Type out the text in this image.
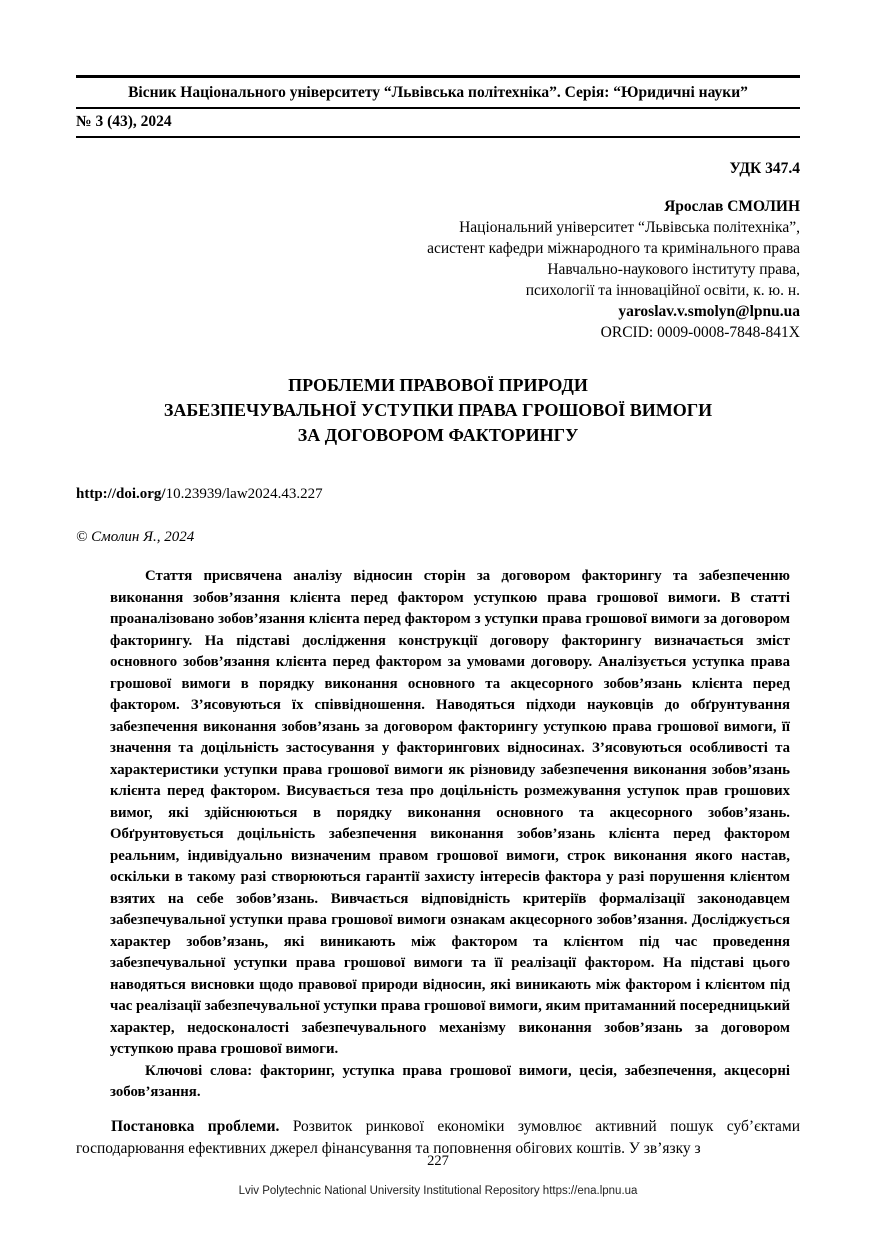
Вісник Національного університету “Львівська політехніка”. Серія: “Юридичні науки”
№ 3 (43), 2024
УДК 347.4
Ярослав СМОЛИН
Національний університет “Львівська політехніка”,
асистент кафедри міжнародного та кримінального права
Навчально-наукового інституту права,
психології та інноваційної освіти, к. ю. н.
yaroslav.v.smolyn@lpnu.ua
ORCID: 0009-0008-7848-841X
ПРОБЛЕМИ ПРАВОВОЇ ПРИРОДИ
ЗАБЕЗПЕЧУВАЛЬНОЇ УСТУПКИ ПРАВА ГРОШОВОЇ ВИМОГИ
ЗА ДОГОВОРОМ ФАКТОРИНГУ
http://doi.org/10.23939/law2024.43.227
© Смолин Я., 2024

Стаття присвячена аналізу відносин сторін за договором факторингу та забезпеченню виконання зобов’язання клієнта перед фактором уступкою права грошової вимоги. В статті проаналізовано зобов’язання клієнта перед фактором з уступки права грошової вимоги за договором факторингу. На підставі дослідження конструкції договору факторингу визначається зміст основного зобов’язання клієнта перед фактором за умовами договору. Аналізується уступка права грошової вимоги в порядку виконання основного та акцесорного зобов’язань клієнта перед фактором. З’ясовуються їх співвідношення. Наводяться підходи науковців до обґрунтування забезпечення виконання зобов’язань за договором факторингу уступкою права грошової вимоги, її значення та доцільність застосування у факторингових відносинах. З’ясовуються особливості та характеристики уступки права грошової вимоги як різновиду забезпечення виконання зобов’язань клієнта перед фактором. Висувається теза про доцільність розмежування уступок прав грошових вимог, які здійснюються в порядку виконання основного та акцесорного зобов’язань. Обґрунтовується доцільність забезпечення виконання зобов’язань клієнта перед фактором реальним, індивідуально визначеним правом грошової вимоги, строк виконання якого настав, оскільки в такому разі створюються гарантії захисту інтересів фактора у разі порушення клієнтом взятих на себе зобов’язань. Вивчається відповідність критеріїв формалізації законодавцем забезпечувальної уступки права грошової вимоги ознакам акцесорного зобов’язання. Досліджується характер зобов’язань, які виникають між фактором та клієнтом під час проведення забезпечувальної уступки права грошової вимоги та її реалізації фактором. На підставі цього наводяться висновки щодо правової природи відносин, які виникають між фактором і клієнтом під час реалізації забезпечувальної уступки права грошової вимоги, яким притаманний посередницький характер, недосконалості забезпечувального механізму виконання зобов’язань за договором уступкою права грошової вимоги.

Ключові слова: факторинг, уступка права грошової вимоги, цесія, забезпечення, акцесорні зобов’язання.

Постановка проблеми. Розвиток ринкової економіки зумовлює активний пошук суб’єктами господарювання ефективних джерел фінансування та поповнення обігових коштів. У зв’язку з

227
Lviv Polytechnic National University Institutional Repository https://ena.lpnu.ua
